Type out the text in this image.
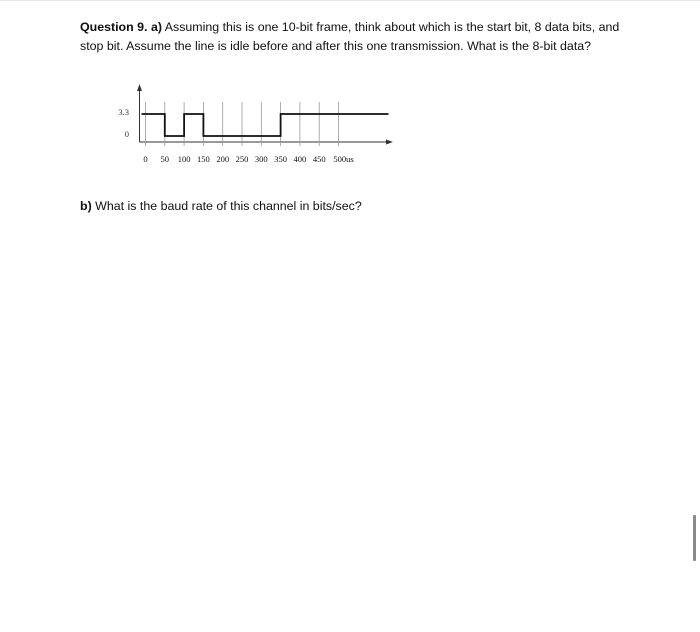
Question 9. a) Assuming this is one 10-bit frame, think about which is the start bit, 8 data bits, and

stop bit. Assume the line is idle before and after this one transmission. What is the 8-bit data?

3.3
0
0 50 100 150 200 250 300 350 400 450 500us

b) What is the baud rate of this channel in bits/sec?
